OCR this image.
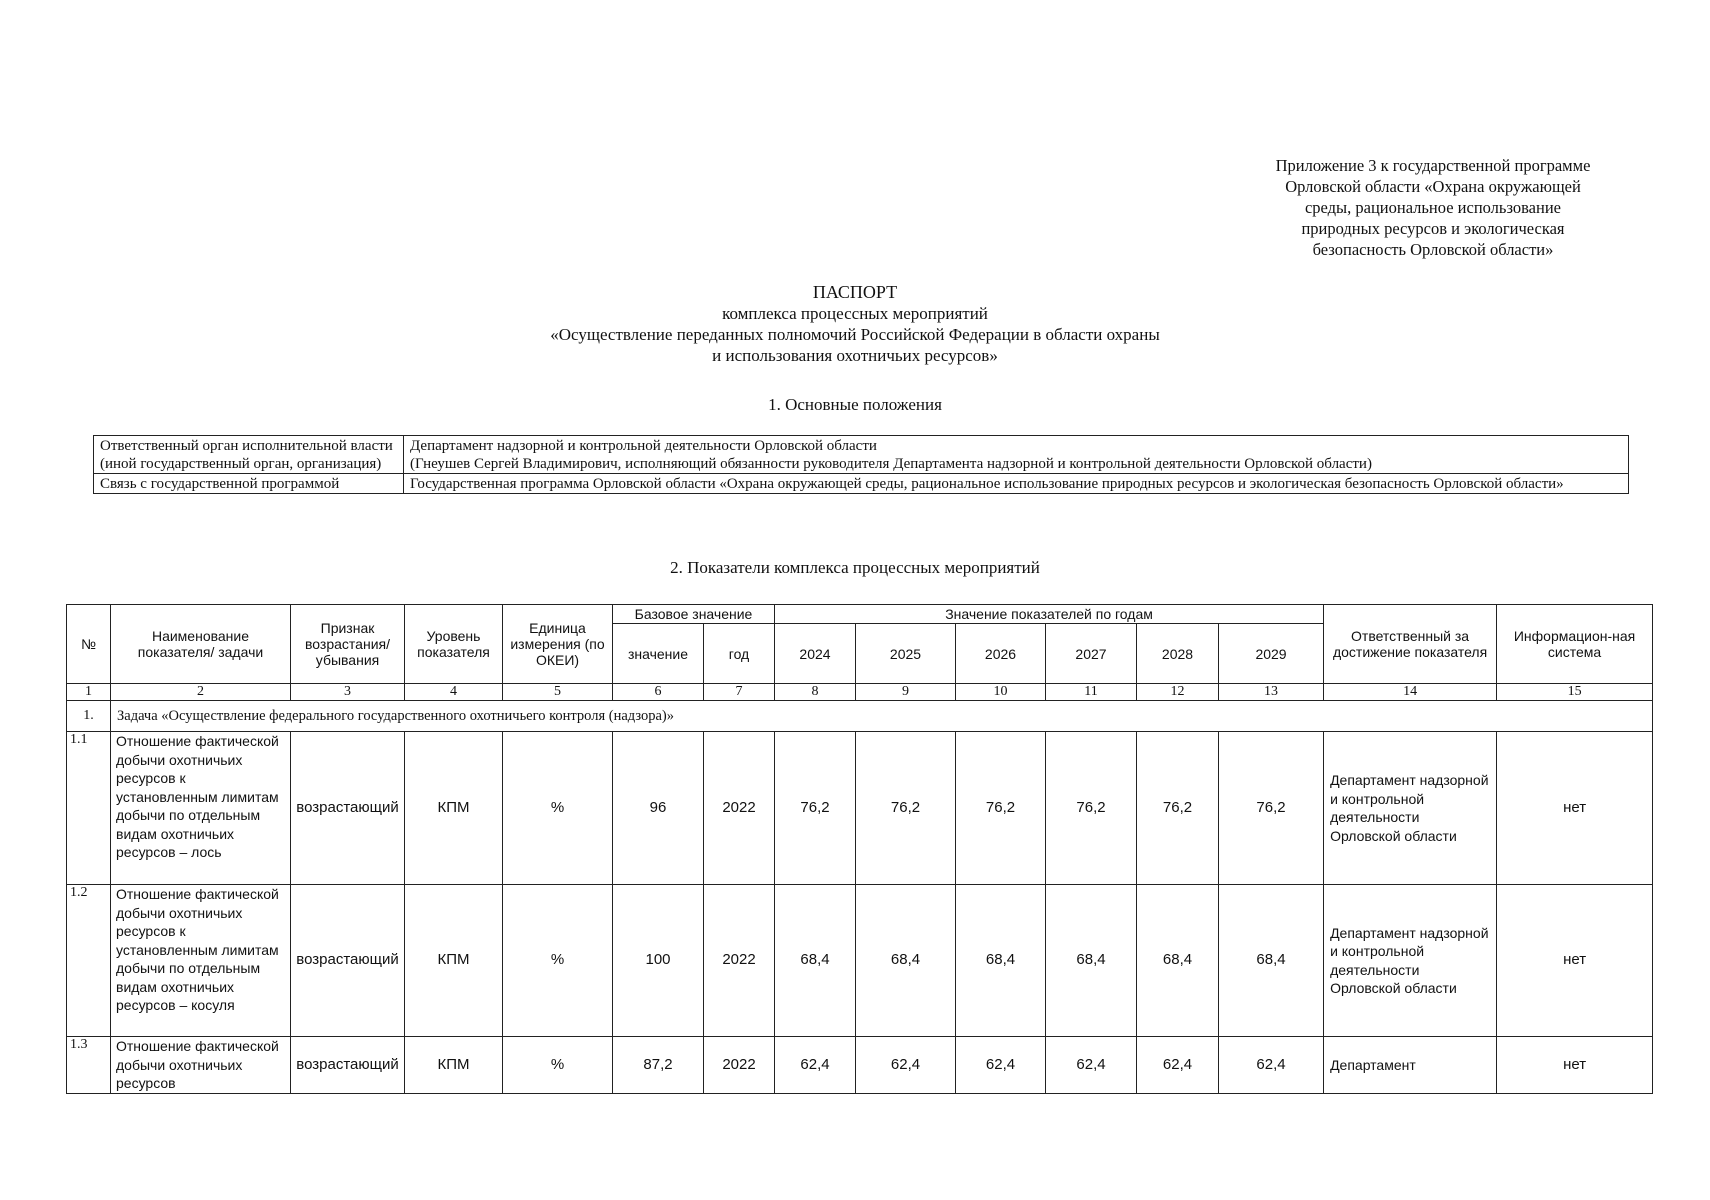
Приложение 3 к государственной программе
Орловской области «Охрана окружающей
среды, рациональное использование
природных ресурсов и экологическая
безопасность Орловской области»
ПАСПОРТ
комплекса процессных мероприятий
«Осуществление переданных полномочий Российской Федерации в области охраны
и использования охотничьих ресурсов»
1. Основные положения
Ответственный орган исполнительной власти (иной государственный орган, организация)	Департамент надзорной и контрольной деятельности Орловской области
(Гнеушев Сергей Владимирович, исполняющий обязанности руководителя Департамента надзорной и контрольной деятельности Орловской области)

Связь с государственной программой	Государственная программа Орловской области «Охрана окружающей среды, рациональное использование природных ресурсов и экологическая безопасность Орловской области»
2. Показатели комплекса процессных мероприятий
№	Наименование показателя/ задачи	Признак возрастания/ убывания	Уровень показателя	Единица измерения (по ОКЕИ)	Базовое значение		Значение показателей по годам						Ответственный за достижение показателя	Информацион-ная система
					значение	год	2024	2025	2026	2027	2028	2029		
1	2	3	4	5	6	7	8	9	10	11	12	13	14	15
1.	Задача «Осуществление федерального государственного охотничьего контроля (надзора)»													
1.1	Отношение фактической добычи охотничьих ресурсов к установленным лимитам добычи по отдельным видам охотничьих ресурсов – лось	возрастающий	КПМ	%	96	2022	76,2	76,2	76,2	76,2	76,2	76,2	Департамент надзорной и контрольной деятельности Орловской области	нет
1.2	Отношение фактической добычи охотничьих ресурсов к установленным лимитам добычи по отдельным видам охотничьих ресурсов – косуля	возрастающий	КПМ	%	100	2022	68,4	68,4	68,4	68,4	68,4	68,4	Департамент надзорной и контрольной деятельности Орловской области	нет
1.3	Отношение фактической добычи охотничьих ресурсов	возрастающий	КПМ	%	87,2	2022	62,4	62,4	62,4	62,4	62,4	62,4	Департамент	нет
